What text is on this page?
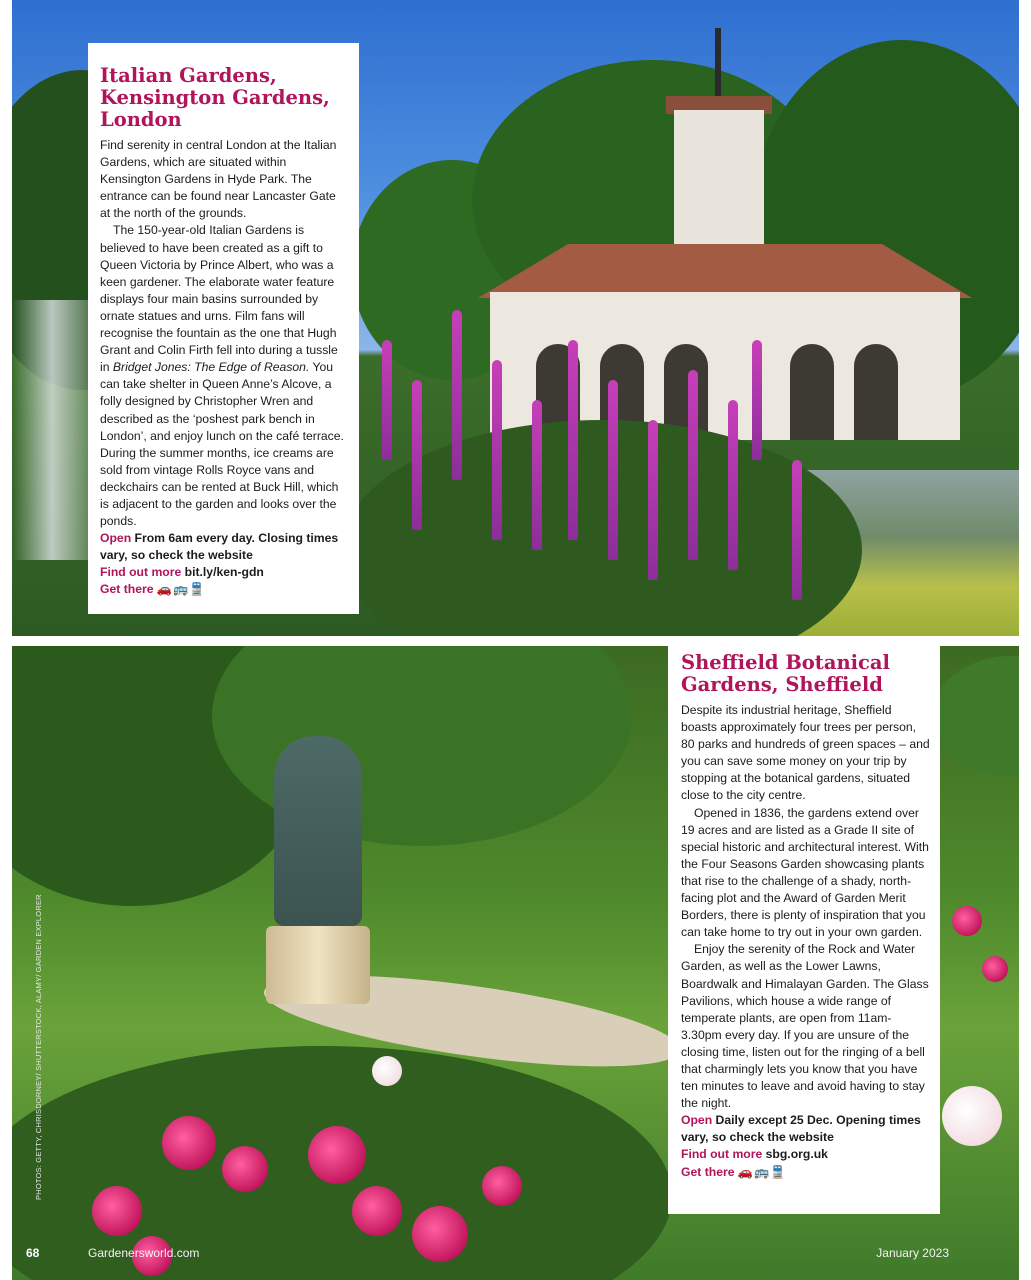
Italian Gardens,
Kensington Gardens,
London

Find serenity in central London at the Italian Gardens, which are situated within Kensington Gardens in Hyde Park. The entrance can be found near Lancaster Gate at the north of the grounds.

The 150-year-old Italian Gardens is believed to have been created as a gift to Queen Victoria by Prince Albert, who was a keen gardener. The elaborate water feature displays four main basins surrounded by ornate statues and urns. Film fans will recognise the fountain as the one that Hugh Grant and Colin Firth fell into during a tussle in Bridget Jones: The Edge of Reason. You can take shelter in Queen Anne’s Alcove, a folly designed by Christopher Wren and described as the ‘poshest park bench in London’, and enjoy lunch on the café terrace. During the summer months, ice creams are sold from vintage Rolls Royce vans and deckchairs can be rented at Buck Hill, which is adjacent to the garden and looks over the ponds.

Open From 6am every day. Closing times vary, so check the website
Find out more bit.ly/ken-gdn
Get there 🚗🚌🚆
Sheffield Botanical
Gardens, Sheffield

Despite its industrial heritage, Sheffield boasts approximately four trees per person, 80 parks and hundreds of green spaces – and you can save some money on your trip by stopping at the botanical gardens, situated close to the city centre.

Opened in 1836, the gardens extend over 19 acres and are listed as a Grade II site of special historic and architectural interest. With the Four Seasons Garden showcasing plants that rise to the challenge of a shady, north-facing plot and the Award of Garden Merit Borders, there is plenty of inspiration that you can take home to try out in your own garden.

Enjoy the serenity of the Rock and Water Garden, as well as the Lower Lawns, Boardwalk and Himalayan Garden. The Glass Pavilions, which house a wide range of temperate plants, are open from 11am-3.30pm every day. If you are unsure of the closing time, listen out for the ringing of a bell that charmingly lets you know that you have ten minutes to leave and avoid having to stay the night.

Open Daily except 25 Dec. Opening times vary, so check the website
Find out more sbg.org.uk
Get there 🚗🚌🚆
PHOTOS: GETTY, CHRISDORNEY/ SHUTTERSTOCK, ALAMY/ GARDEN EXPLORER
68	Gardenersworld.com	January 2023
